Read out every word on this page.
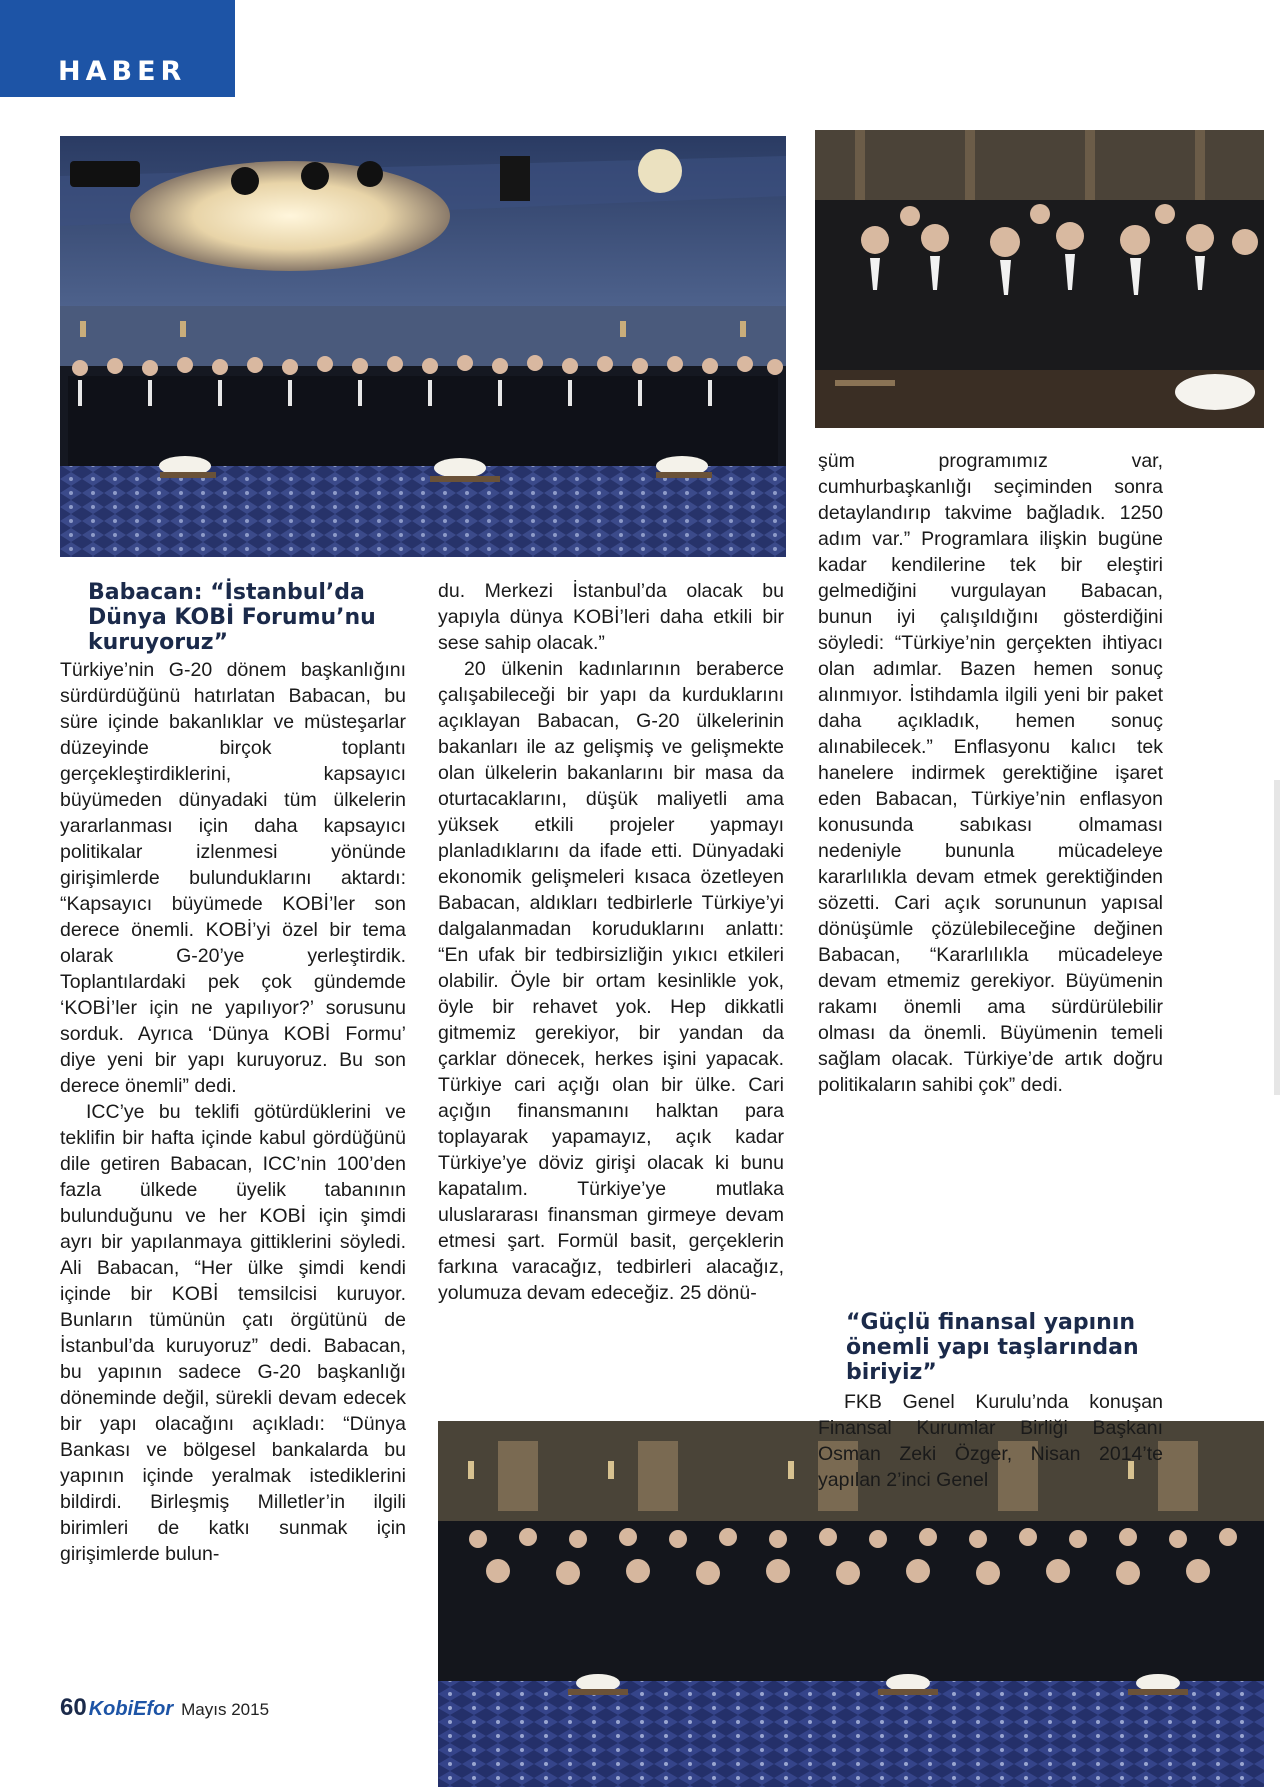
HABER
Babacan: “İstanbul’da Dünya KOBİ Forumu’nu kuruyoruz”

Türkiye’nin G-20 dönem başkanlığını sürdürdüğünü hatırlatan Babacan, bu süre içinde bakanlıklar ve müsteşarlar düzeyinde birçok toplantı gerçekleştirdiklerini, kapsayıcı büyümeden dünyadaki tüm ülkelerin yararlanması için daha kapsayıcı politikalar izlenmesi yönünde girişimlerde bulunduklarını aktardı: “Kapsayıcı büyümede KOBİ’ler son derece önemli. KOBİ’yi özel bir tema olarak G-20’ye yerleştirdik. Toplantılardaki pek çok gündemde ‘KOBİ’ler için ne yapılıyor?’ sorusunu sorduk. Ayrıca ‘Dünya KOBİ Formu’ diye yeni bir yapı kuruyoruz. Bu son derece önemli” dedi.

ICC’ye bu teklifi götürdüklerini ve teklifin bir hafta içinde kabul gördüğünü dile getiren Babacan, ICC’nin 100’den fazla ülkede üyelik tabanının bulunduğunu ve her KOBİ için şimdi ayrı bir yapılanmaya gittiklerini söyledi. Ali Babacan, “Her ülke şimdi kendi içinde bir KOBİ temsilcisi kuruyor. Bunların tümünün çatı örgütünü de İstanbul’da kuruyoruz” dedi. Babacan, bu yapının sadece G-20 başkanlığı döneminde değil, sürekli devam edecek bir yapı olacağını açıkladı: “Dünya Bankası ve bölgesel bankalarda bu yapının içinde yeralmak istediklerini bildirdi. Birleşmiş Milletler’in ilgili birimleri de katkı sunmak için girişimlerde bulun-

du. Merkezi İstanbul’da olacak bu yapıyla dünya KOBİ’leri daha etkili bir sese sahip olacak.”

20 ülkenin kadınlarının beraberce çalışabileceği bir yapı da kurduklarını açıklayan Babacan, G-20 ülkelerinin bakanları ile az gelişmiş ve gelişmekte olan ülkelerin bakanlarını bir masa da oturtacaklarını, düşük maliyetli ama yüksek etkili projeler yapmayı planladıklarını da ifade etti. Dünyadaki ekonomik gelişmeleri kısaca özetleyen Babacan, aldıkları tedbirlerle Türkiye’yi dalgalanmadan koruduklarını anlattı: “En ufak bir tedbirsizliğin yıkıcı etkileri olabilir. Öyle bir ortam kesinlikle yok, öyle bir rehavet yok. Hep dikkatli gitmemiz gerekiyor, bir yandan da çarklar dönecek, herkes işini yapacak. Türkiye cari açığı olan bir ülke. Cari açığın finansmanını halktan para toplayarak yapamayız, açık kadar Türkiye’ye döviz girişi olacak ki bunu kapatalım. Türkiye’ye mutlaka uluslararası finansman girmeye devam etmesi şart. Formül basit, gerçeklerin farkına varacağız, tedbirleri alacağız, yolumuza devam edeceğiz. 25 dönü-

şüm programımız var, cumhurbaşkanlığı seçiminden sonra detaylandırıp takvime bağladık. 1250 adım var.” Programlara ilişkin bugüne kadar kendilerine tek bir eleştiri gelmediğini vurgulayan Babacan, bunun iyi çalışıldığını gösterdiğini söyledi: “Türkiye’nin gerçekten ihtiyacı olan adımlar. Bazen hemen sonuç alınmıyor. İstihdamla ilgili yeni bir paket daha açıkladık, hemen sonuç alınabilecek.” Enflasyonu kalıcı tek hanelere indirmek gerektiğine işaret eden Babacan, Türkiye’nin enflasyon konusunda sabıkası olmaması nedeniyle bununla mücadeleye kararlılıkla devam etmek gerektiğinden sözetti. Cari açık sorununun yapısal dönüşümle çözülebileceğine değinen Babacan, “Kararlılıkla mücadeleye devam etmemiz gerekiyor. Büyümenin rakamı önemli ama sürdürülebilir olması da önemli. Büyümenin temeli sağlam olacak. Türkiye’de artık doğru politikaların sahibi çok” dedi.

“Güçlü finansal yapının önemli yapı taşlarından biriyiz”

FKB Genel Kurulu’nda konuşan Finansal Kurumlar Birliği Başkanı Osman Zeki Özger, Nisan 2014’te yapılan 2’inci Genel

60 KobiEfor Mayıs 2015
